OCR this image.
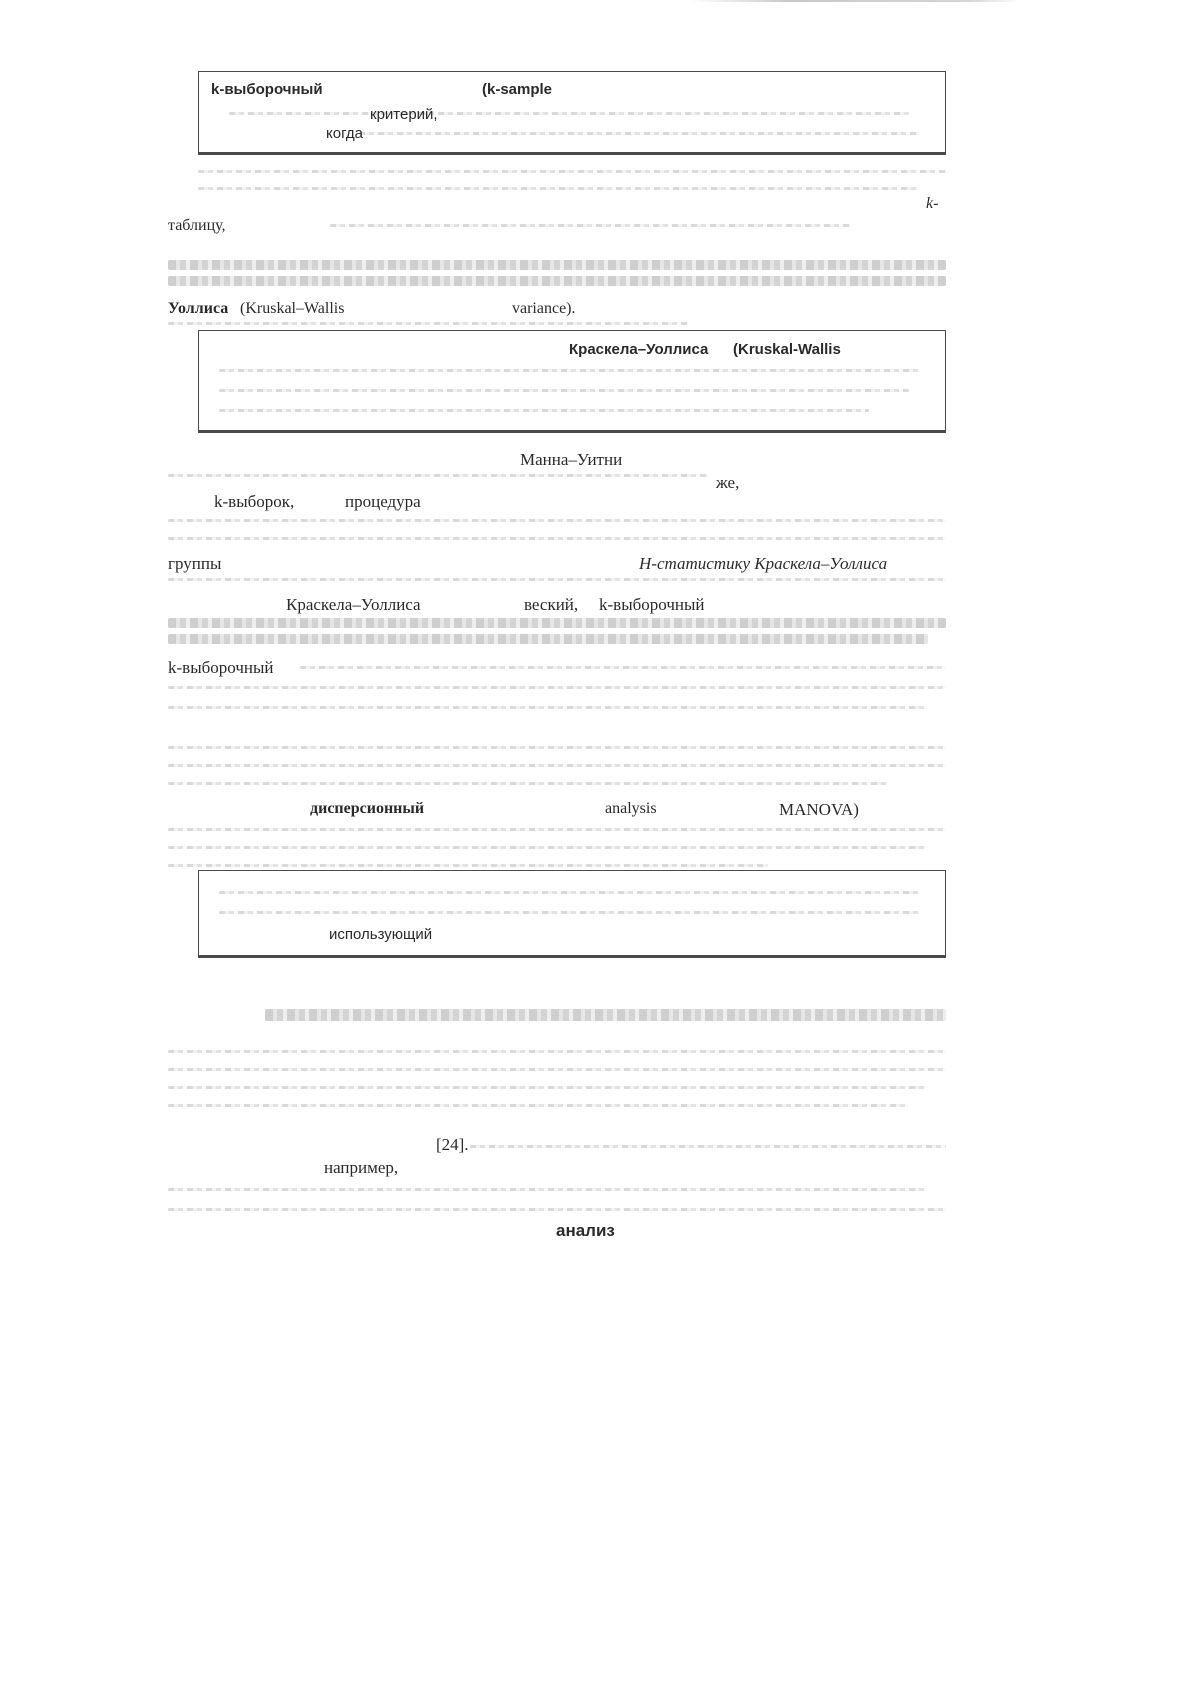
k-выборочный	(k-sample
критерий,
когда
k-
таблицу,
Уоллиса (Kruskal–Wallis	variance).
Краскела–Уоллиса (Kruskal-Wallis
Манна–Уитни
же,
k-выборок,	процедура
группы	H-статистику Краскела–Уоллиса
Краскела–Уоллиса	веский, k-выборочный
k-выборочный
дисперсионный	analysis	MANOVA)
использующий
[24].
например,
анализ
